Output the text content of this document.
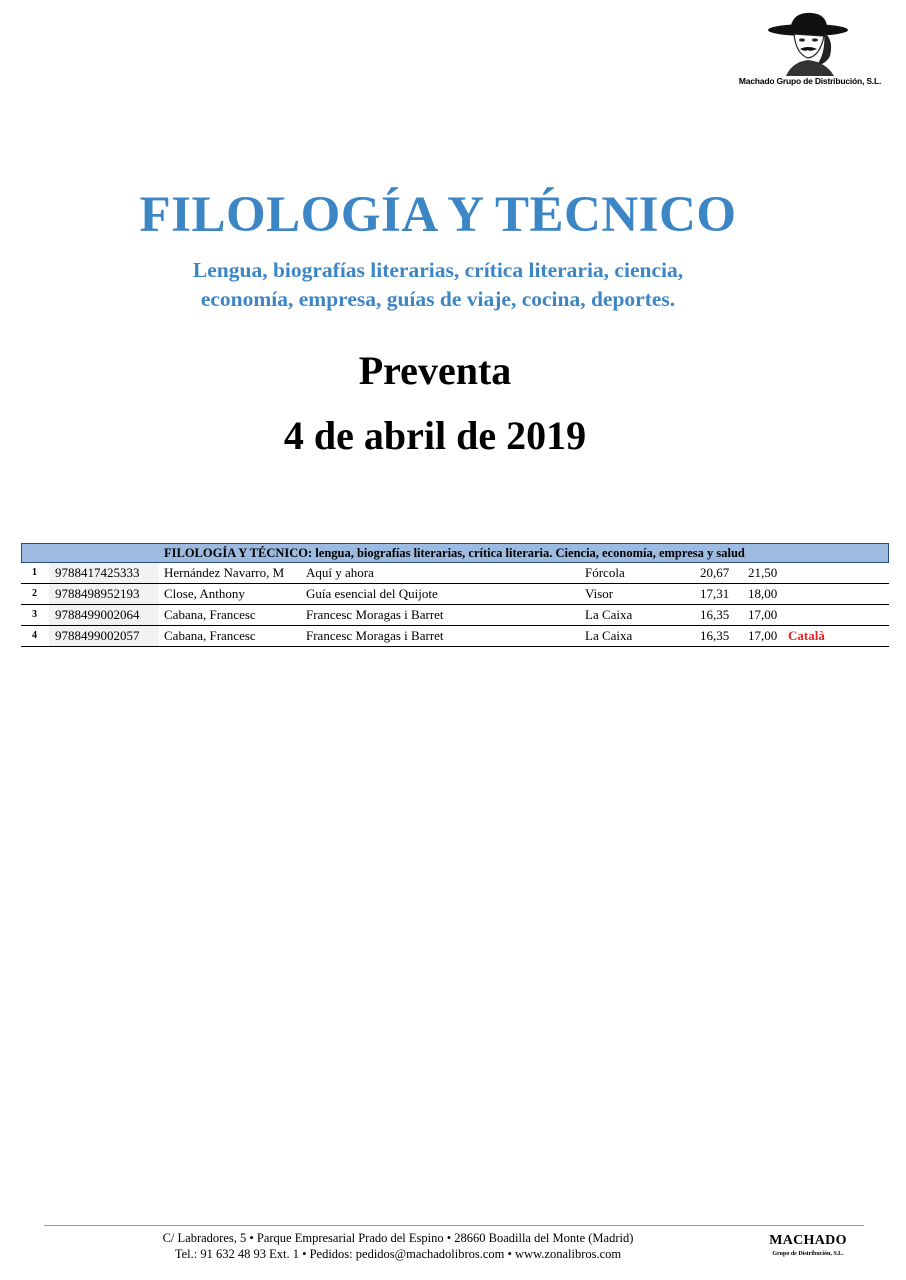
Machado Grupo de Distribución, S.L.
FILOLOGÍA Y TÉCNICO
Lengua, biografías literarias, crítica literaria, ciencia,
economía, empresa, guías de viaje, cocina, deportes.
Preventa
4 de abril de 2019
FILOLOGÍA Y TÉCNICO: lengua, biografías literarias, crítica literaria. Ciencia, economía, empresa y salud
1	9788417425333	Hernández Navarro, M	Aquí y ahora	Fórcola	20,67	21,50
2	9788498952193	Close, Anthony	Guía esencial del Quijote	Visor	17,31	18,00
3	9788499002064	Cabana, Francesc	Francesc Moragas i Barret	La Caixa	16,35	17,00
4	9788499002057	Cabana, Francesc	Francesc Moragas i Barret	La Caixa	16,35	17,00 Català
C/ Labradores, 5 • Parque Empresarial Prado del Espino • 28660 Boadilla del Monte (Madrid)
Tel.: 91 632 48 93 Ext. 1 • Pedidos: pedidos@machadolibros.com • www.zonalibros.com
MACHADO
Grupo de Distribución, S.L.
